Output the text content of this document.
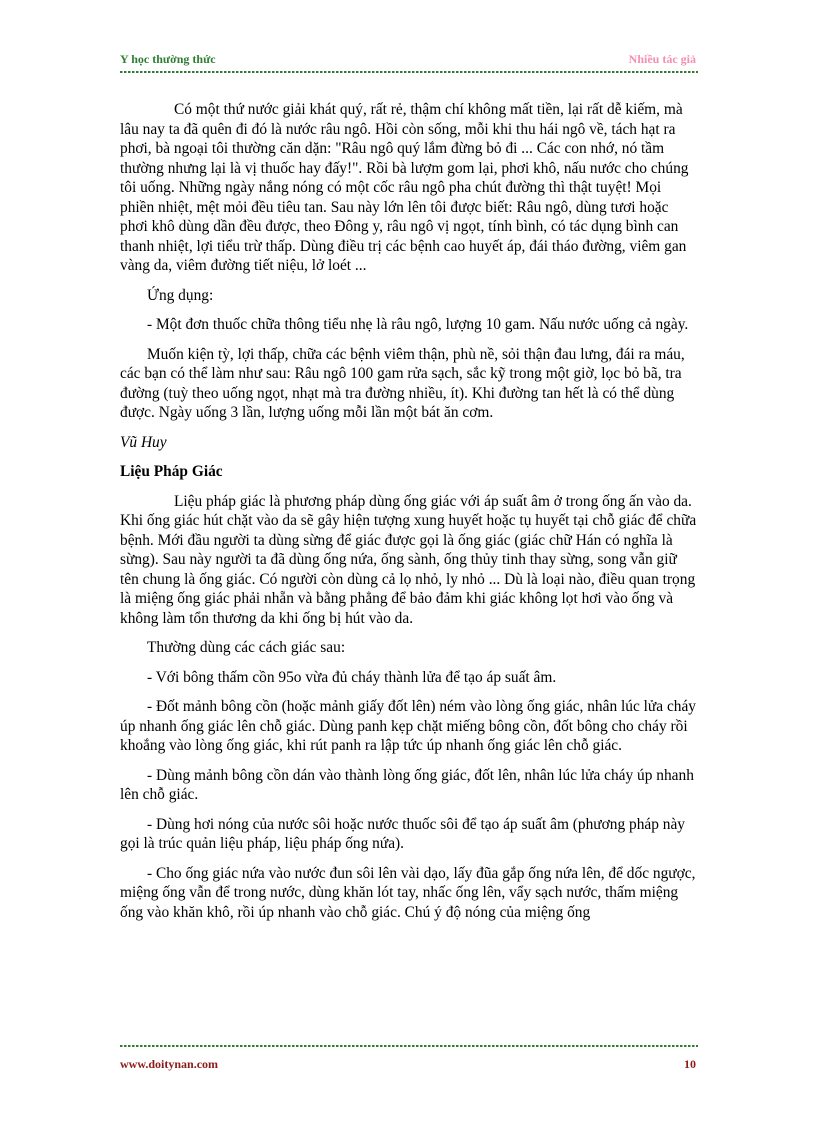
Y học thường thức	Nhiều tác giả

Có một thứ nước giải khát quý, rất rẻ, thậm chí không mất tiền, lại rất dễ kiếm, mà lâu nay ta đã quên đi đó là nước râu ngô. Hồi còn sống, mỗi khi thu hái ngô về, tách hạt ra phơi, bà ngoại tôi thường căn dặn: "Râu ngô quý lắm đừng bỏ đi ... Các con nhớ, nó tầm thường nhưng lại là vị thuốc hay đấy!". Rồi bà lượm gom lại, phơi khô, nấu nước cho chúng tôi uống. Những ngày nắng nóng có một cốc râu ngô pha chút đường thì thật tuyệt! Mọi phiền nhiệt, mệt mỏi đều tiêu tan. Sau này lớn lên tôi được biết: Râu ngô, dùng tươi hoặc phơi khô dùng dần đều được, theo Đông y, râu ngô vị ngọt, tính bình, có tác dụng bình can thanh nhiệt, lợi tiểu trừ thấp. Dùng điều trị các bệnh cao huyết áp, đái tháo đường, viêm gan vàng da, viêm đường tiết niệu, lở loét ...

Ứng dụng:

- Một đơn thuốc chữa thông tiểu nhẹ là râu ngô, lượng 10 gam. Nấu nước uống cả ngày.

Muốn kiện tỳ, lợi thấp, chữa các bệnh viêm thận, phù nề, sỏi thận đau lưng, đái ra máu, các bạn có thể làm như sau: Râu ngô 100 gam rửa sạch, sắc kỹ trong một giờ, lọc bỏ bã, tra đường (tuỳ theo uống ngọt, nhạt mà tra đường nhiều, ít). Khi đường tan hết là có thể dùng được. Ngày uống 3 lần, lượng uống mỗi lần một bát ăn cơm.

Vũ Huy

Liệu Pháp Giác

Liệu pháp giác là phương pháp dùng ống giác với áp suất âm ở trong ống ấn vào da. Khi ống giác hút chặt vào da sẽ gây hiện tượng xung huyết hoặc tụ huyết tại chỗ giác để chữa bệnh. Mới đầu người ta dùng sừng để giác được gọi là ống giác (giác chữ Hán có nghĩa là sừng). Sau này người ta đã dùng ống nứa, ống sành, ống thủy tinh thay sừng, song vẫn giữ tên chung là ống giác. Có người còn dùng cả lọ nhỏ, ly nhỏ ... Dù là loại nào, điều quan trọng là miệng ống giác phải nhẵn và bằng phẳng để bảo đảm khi giác không lọt hơi vào ống và không làm tổn thương da khi ống bị hút vào da.

Thường dùng các cách giác sau:

- Với bông thấm cồn 95o vừa đủ cháy thành lửa để tạo áp suất âm.

- Đốt mảnh bông cồn (hoặc mảnh giấy đốt lên) ném vào lòng ống giác, nhân lúc lửa cháy úp nhanh ống giác lên chỗ giác. Dùng panh kẹp chặt miếng bông cồn, đốt bông cho cháy rồi khoắng vào lòng ống giác, khi rút panh ra lập tức úp nhanh ống giác lên chỗ giác.

- Dùng mảnh bông cồn dán vào thành lòng ống giác, đốt lên, nhân lúc lửa cháy úp nhanh lên chỗ giác.

- Dùng hơi nóng của nước sôi hoặc nước thuốc sôi để tạo áp suất âm (phương pháp này gọi là trúc quản liệu pháp, liệu pháp ống nứa).

- Cho ống giác nứa vào nước đun sôi lên vài dạo, lấy đũa gắp ống nứa lên, để dốc ngược, miệng ống vẫn để trong nước, dùng khăn lót tay, nhấc ống lên, vẩy sạch nước, thấm miệng ống vào khăn khô, rồi úp nhanh vào chỗ giác. Chú ý độ nóng của miệng ống

www.doitynan.com	10
